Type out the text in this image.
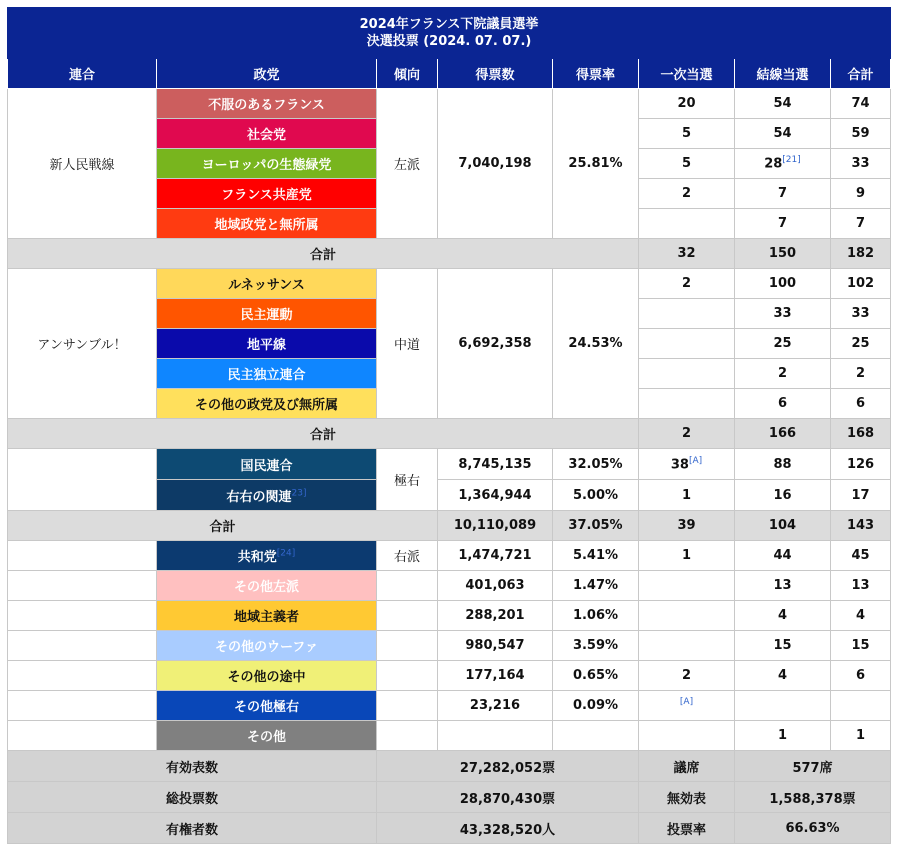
2024年フランス下院議員選挙
決選投票 (2024. 07. 07.)							

連合	政党	傾向	得票数	得票率	一次当選	結線当選	合計
新人民戦線	不服のあるフランス	左派	7,040,198	25.81%	20	54	74
	社会党				5	54	59
	ヨーロッパの生態緑党				5	28[21]	33
	フランス共産党				2	7	9
	地域政党と無所属					7	7
合計					32	150	182
アンサンブル！	ルネッサンス	中道	6,692,358	24.53%	2	100	102
	民主運動					33	33
	地平線					25	25
	民主独立連合					2	2
	その他の政党及び無所属					6	6
合計					2	166	168
	国民連合	極右	8,745,135	32.05%	38[A]	88	126
	右右の関連$^{23]}$		1,364,944	5.00%	1	16	17
合計			10,110,089	37.05%	39	104	143
	共和党[24]	右派	1,474,721	5.41%	1	44	45
	その他左派		401,063	1.47%		13	13
	地域主義者		288,201	1.06%		4	4
	その他のウーファ		980,547	3.59%		15	15
	その他の途中		177,164	0.65%	2	4	6
	その他極右		23,216	0.09%	[A]		
	その他					1	1
有効表数		27,282,052票			議席	577席	
総投票数		28,870,430票			無効表	1,588,378票	
有権者数		43,328,520人			投票率	66.63%	
